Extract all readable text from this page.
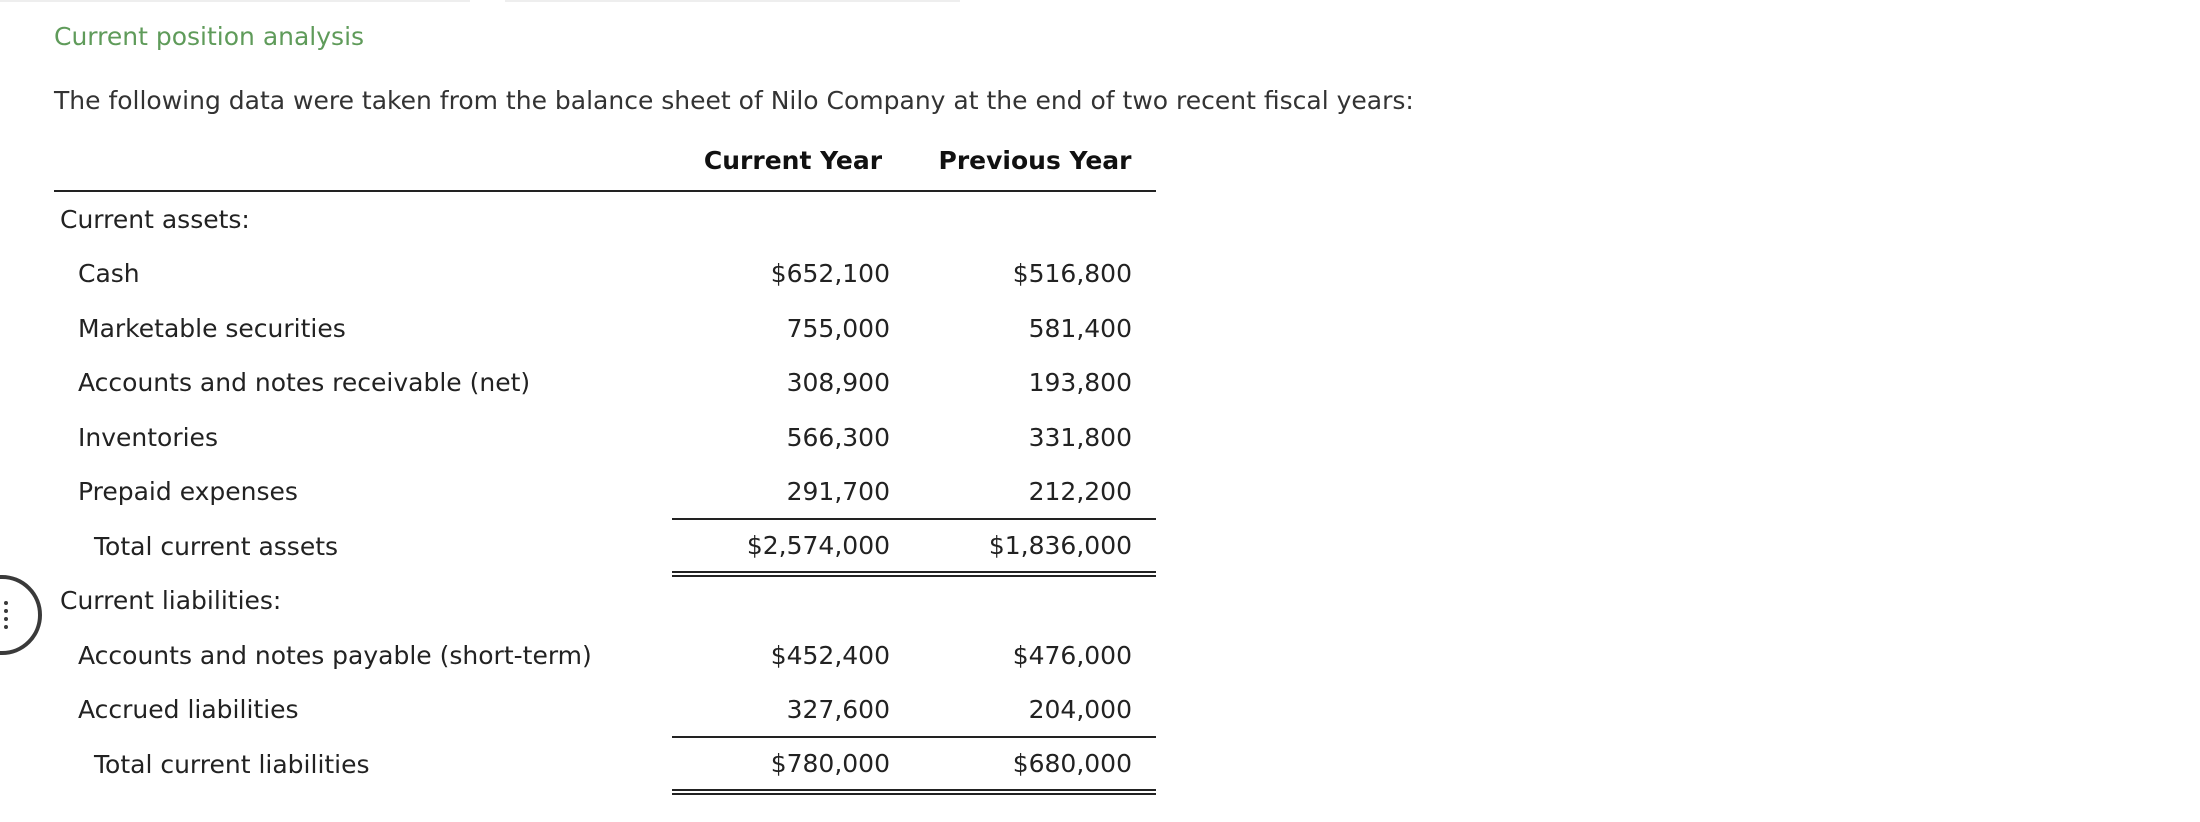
Current position analysis

The following data were taken from the balance sheet of Nilo Company at the end of two recent fiscal years:

	Current Year	Previous Year
Current assets:		
Cash	$652,100	$516,800
Marketable securities	755,000	581,400
Accounts and notes receivable (net)	308,900	193,800
Inventories	566,300	331,800
Prepaid expenses	291,700	212,200
Total current assets	$2,574,000	$1,836,000
Current liabilities:		
Accounts and notes payable (short-term)	$452,400	$476,000
Accrued liabilities	327,600	204,000
Total current liabilities	$780,000	$680,000
